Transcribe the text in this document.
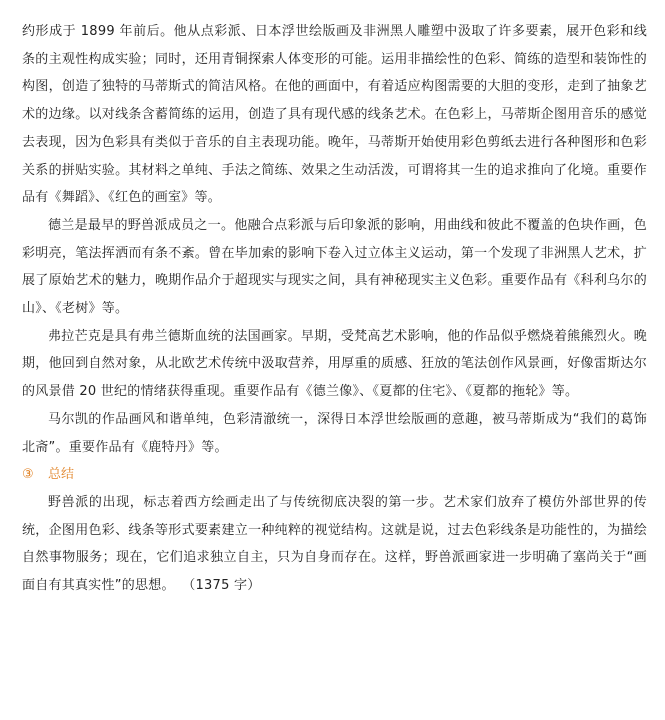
约形成于 1899 年前后。他从点彩派、日本浮世绘版画及非洲黑人雕塑中汲取了许多要素，展开色彩和线条的主观性构成实验；同时，还用青铜探索人体变形的可能。运用非描绘性的色彩、简练的造型和装饰性的构图，创造了独特的马蒂斯式的简洁风格。在他的画面中，有着适应构图需要的大胆的变形，走到了抽象艺术的边缘。以对线条含蓄简练的运用，创造了具有现代感的线条艺术。在色彩上，马蒂斯企图用音乐的感觉去表现，因为色彩具有类似于音乐的自主表现功能。晚年，马蒂斯开始使用彩色剪纸去进行各种图形和色彩关系的拼贴实验。其材料之单纯、手法之简练、效果之生动活泼，可谓将其一生的追求推向了化境。重要作品有《舞蹈》、《红色的画室》等。

德兰是最早的野兽派成员之一。他融合点彩派与后印象派的影响，用曲线和彼此不覆盖的色块作画，色彩明亮，笔法挥洒而有条不紊。曾在毕加索的影响下卷入过立体主义运动，第一个发现了非洲黑人艺术，扩展了原始艺术的魅力，晚期作品介于超现实与现实之间，具有神秘现实主义色彩。重要作品有《科利乌尔的山》、《老树》等。

弗拉芒克是具有弗兰德斯血统的法国画家。早期，受梵高艺术影响，他的作品似乎燃烧着熊熊烈火。晚期，他回到自然对象，从北欧艺术传统中汲取营养，用厚重的质感、狂放的笔法创作风景画，好像雷斯达尔的风景借 20 世纪的情绪获得重现。重要作品有《德兰像》、《夏都的住宅》、《夏都的拖轮》等。

马尔凯的作品画风和谐单纯，色彩清澈统一，深得日本浮世绘版画的意趣，被马蒂斯成为“我们的葛饰北斋”。重要作品有《鹿特丹》等。

③ 总结

野兽派的出现，标志着西方绘画走出了与传统彻底决裂的第一步。艺术家们放弃了模仿外部世界的传统，企图用色彩、线条等形式要素建立一种纯粹的视觉结构。这就是说，过去色彩线条是功能性的，为描绘自然事物服务；现在，它们追求独立自主，只为自身而存在。这样，野兽派画家进一步明确了塞尚关于“画面自有其真实性”的思想。 （1375 字）
